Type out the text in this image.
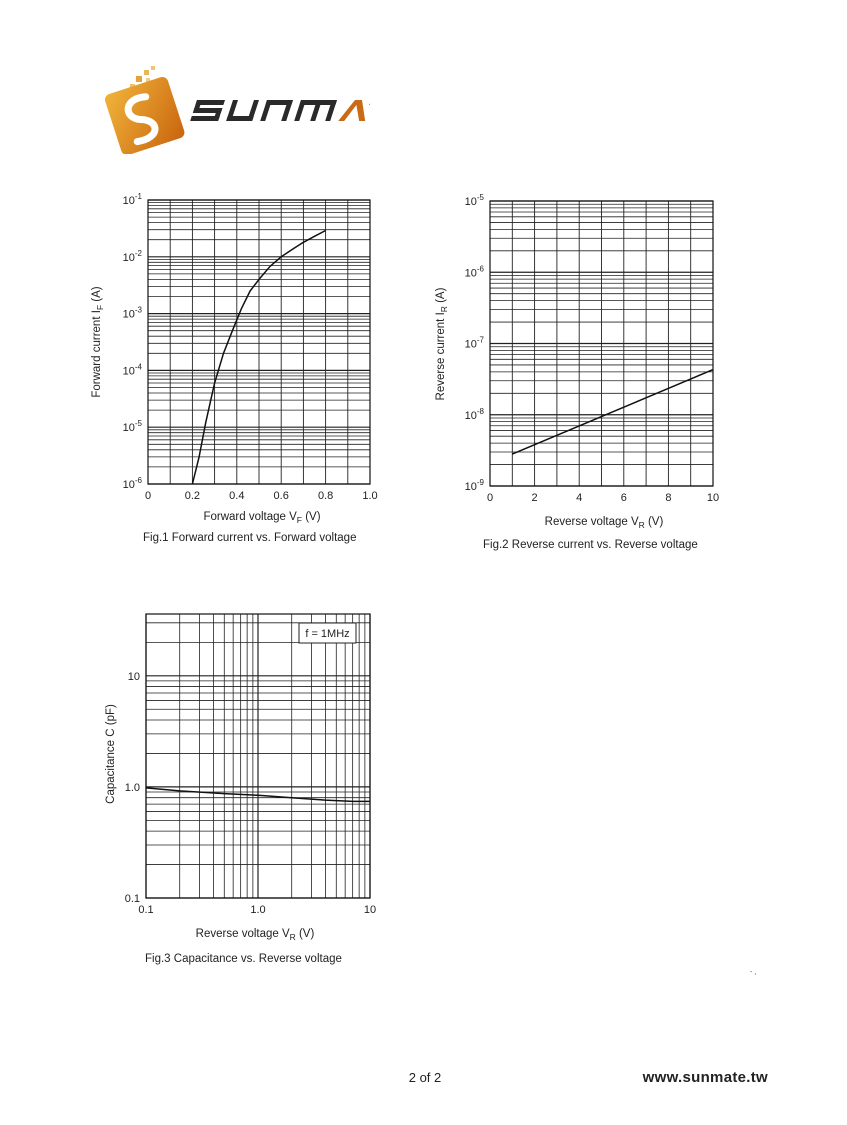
0	0.2	0.4	0.6	0.8	1.0
$10^{-6}$
$10^{-5}$
$10^{-4}$
$10^{-3}$
$10^{-2}$
$10^{-1}$
Forward voltage $V_F$ (V)
Forward current $I_F$ (A)
Fig.1 Forward current vs. Forward voltage
0	2	4	6	8	10
$10^{-9}$
$10^{-8}$
$10^{-7}$
$10^{-6}$
$10^{-5}$
Reverse voltage $V_R$ (V)
Reverse current $I_R$ (A)
Fig.2 Reverse current vs. Reverse voltage
0.1	1.0	10
0.1
1.0
10
Reverse voltage $V_R$ (V)
Capacitance C (pF)
Fig.3 Capacitance vs. Reverse voltage
f = 1MHz
- ,
2 of 2	www.sunmate.tw
